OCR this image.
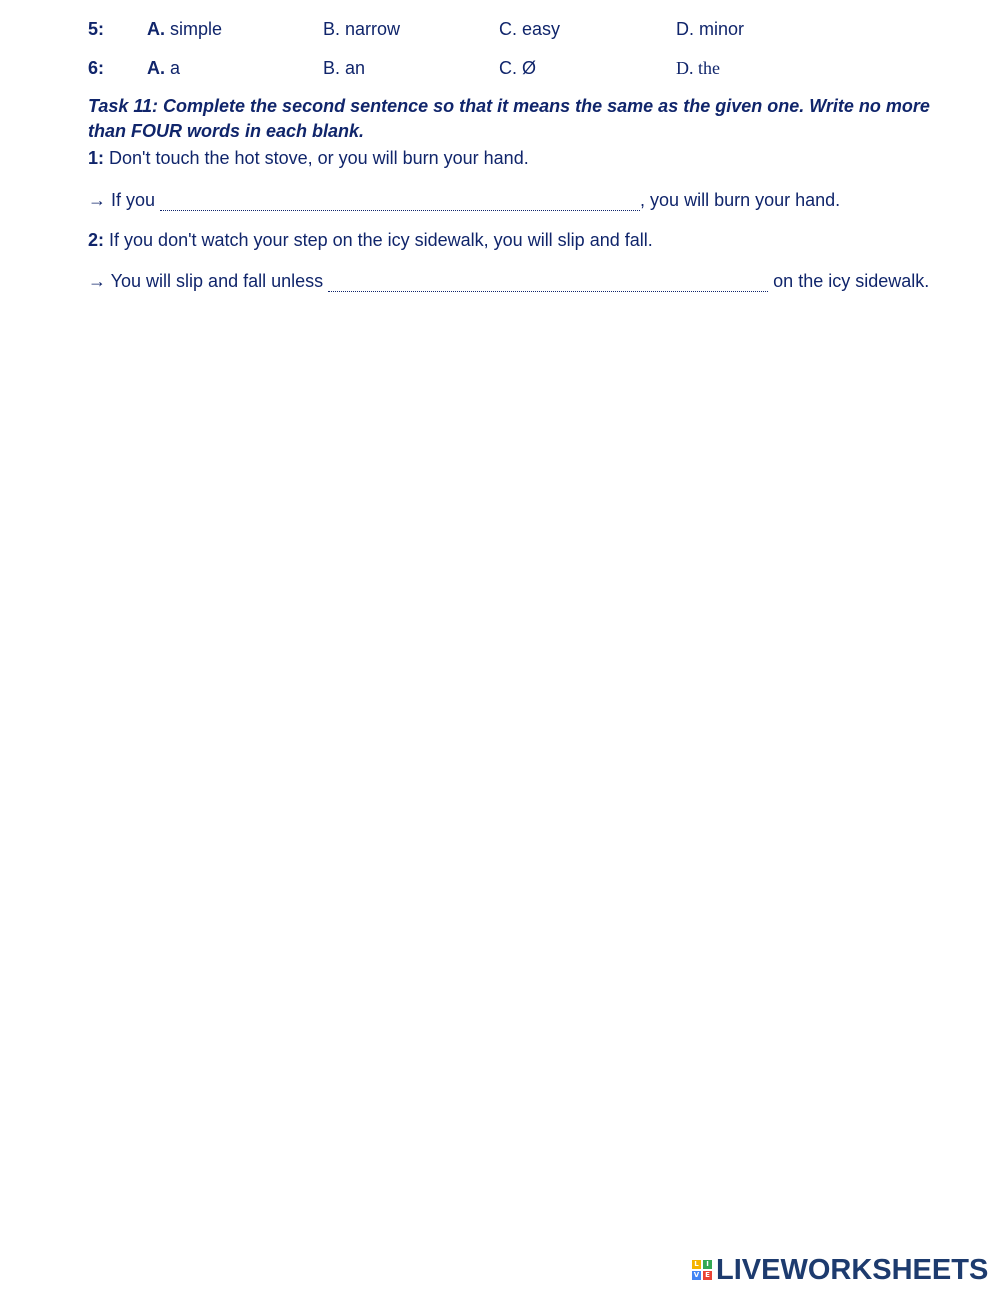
5: A. simple	B. narrow	C. easy	D. minor
6: A. a	B. an	C. Ø	D. the
Task 11: Complete the second sentence so that it means the same as the given one. Write no more than FOUR words in each blank.
1: Don't touch the hot stove, or you will burn your hand.
→ If you	, you will burn your hand.
2: If you don't watch your step on the icy sidewalk, you will slip and fall.
→ You will slip and fall unless	on the icy sidewalk.
L	I
V E LIVEWORKSHEETS
